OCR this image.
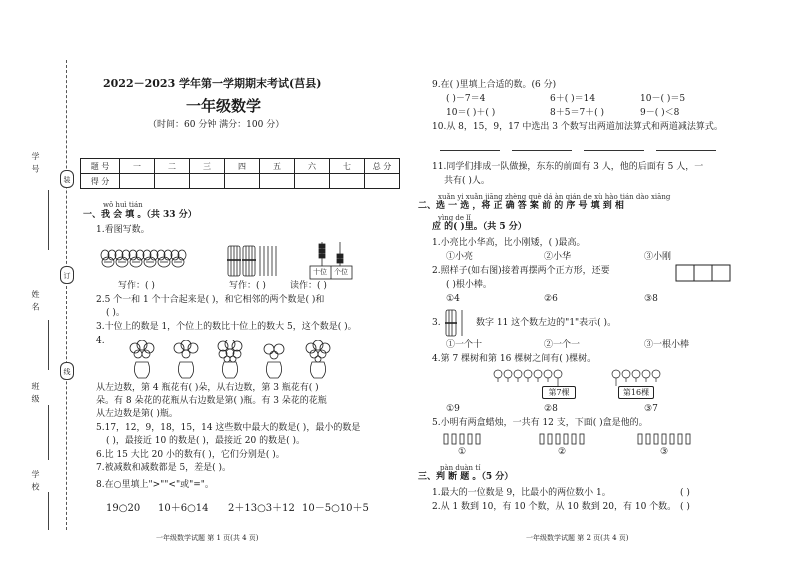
学 号
姓 名
班 级
学 校
装
订
线
2022－2023 学年第一学期期末考试(莒县)
一年级数学
（时间：60 分钟 满分：100 分）
题 号	一	二	三	四	五	六	七	总 分
得 分								
wǒ huì tián
一、我 会 填 。（共 33 分）
1.看图写数。
十位 个位
写作：( )	写作：( )	读作：( )
2.5 个一和 1 个十合起来是( )，和它相邻的两个数是( )和
( )。
3.十位上的数是 1，个位上的数比十位上的数大 5，这个数是( )。
4.
从左边数，第 4 瓶花有( )朵，从右边数，第 3 瓶花有( )
朵。有 8 朵花的花瓶从右边数是第( )瓶。有 3 朵花的花瓶
从左边数是第( )瓶。
5.17，12，9，18，15，14 这些数中最大的数是( )，最小的数是
( )，最接近 10 的数是( )，最接近 20 的数是( )。
6.比 15 大比 20 小的数有( )，它们分别是( )。
7.被减数和减数都是 5，差是( )。
8.在○里填上">""<"或"="。
19○20 10＋6○14 2＋13○3＋12 10－5○10＋5
一年级数学试题 第 1 页(共 4 页)
9.在( )里填上合适的数。(6 分)
( )－7＝4	6＋( )＝14	10－( )＝5
10＝( )＋( )	8＋5＝7＋( )	9－( )＜8
10.从 8，15，9，17 中选出 3 个数写出两道加法算式和两道减法算式。
11.同学们排成一队做操，东东的前面有 3 人，他的后面有 5 人，一
共有( )人。
xuǎn yi xuǎn jiāng zhèng què dá àn qián de xù hào tián dào xiāng
二、选 一 选 ，将 正 确 答 案 前 的 序 号 填 到 相
yìng de lǐ
应 的( )里。（共 5 分）
1.小亮比小华高，比小刚矮，( )最高。
①小亮	②小华	③小刚
2.照样子(如右图)接着再摆两个正方形，还要
( )根小棒。
①4	②6	③8
3.	数字 11 这个数左边的"1"表示( )。
①一个十	②一个一	③一根小棒
4.第 7 棵树和第 16 棵树之间有( )棵树。
第7棵	第16棵
①9	②8	③7
5.小明有两盒蜡烛，一共有 12 支，下面( )盒是他的。
①	②	③
pàn duàn tí
三、判 断 题 。（5 分）
1.最大的一位数是 9，比最小的两位数小 1。	( )
2.从 1 数到 10，有 10 个数，从 10 数到 20，有 10 个数。 ( )
一年级数学试题 第 2 页(共 4 页)
